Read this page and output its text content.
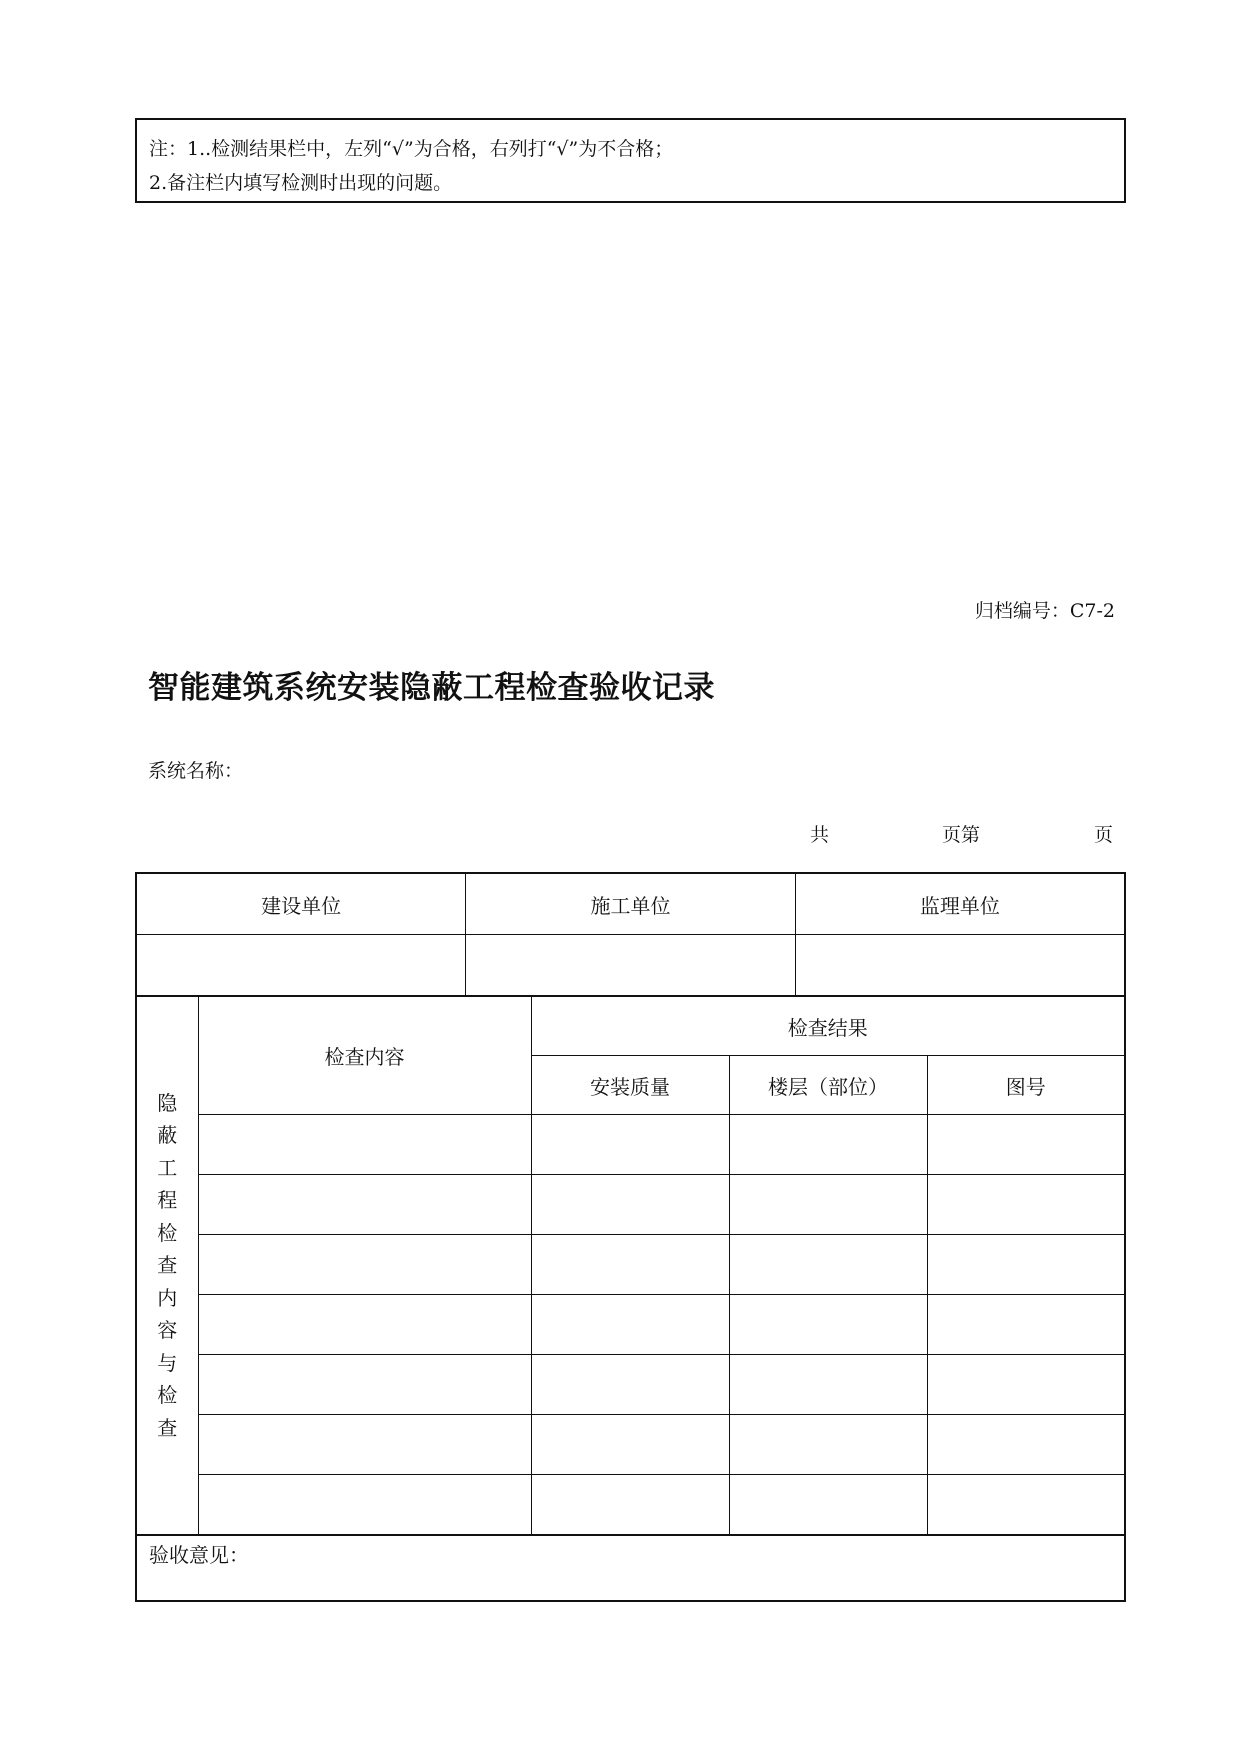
注：1..检测结果栏中，左列“√”为合格，右列打“√”为不合格；
2.备注栏内填写检测时出现的问题。
归档编号：C7-2
智能建筑系统安装隐蔽工程检查验收记录
系统名称：
共	页第	页
建设单位	施工单位	监理单位

隐蔽工程检查内容与检查	检查内容	检查结果		
		安装质量	楼层（部位）	图号

验收意见：
